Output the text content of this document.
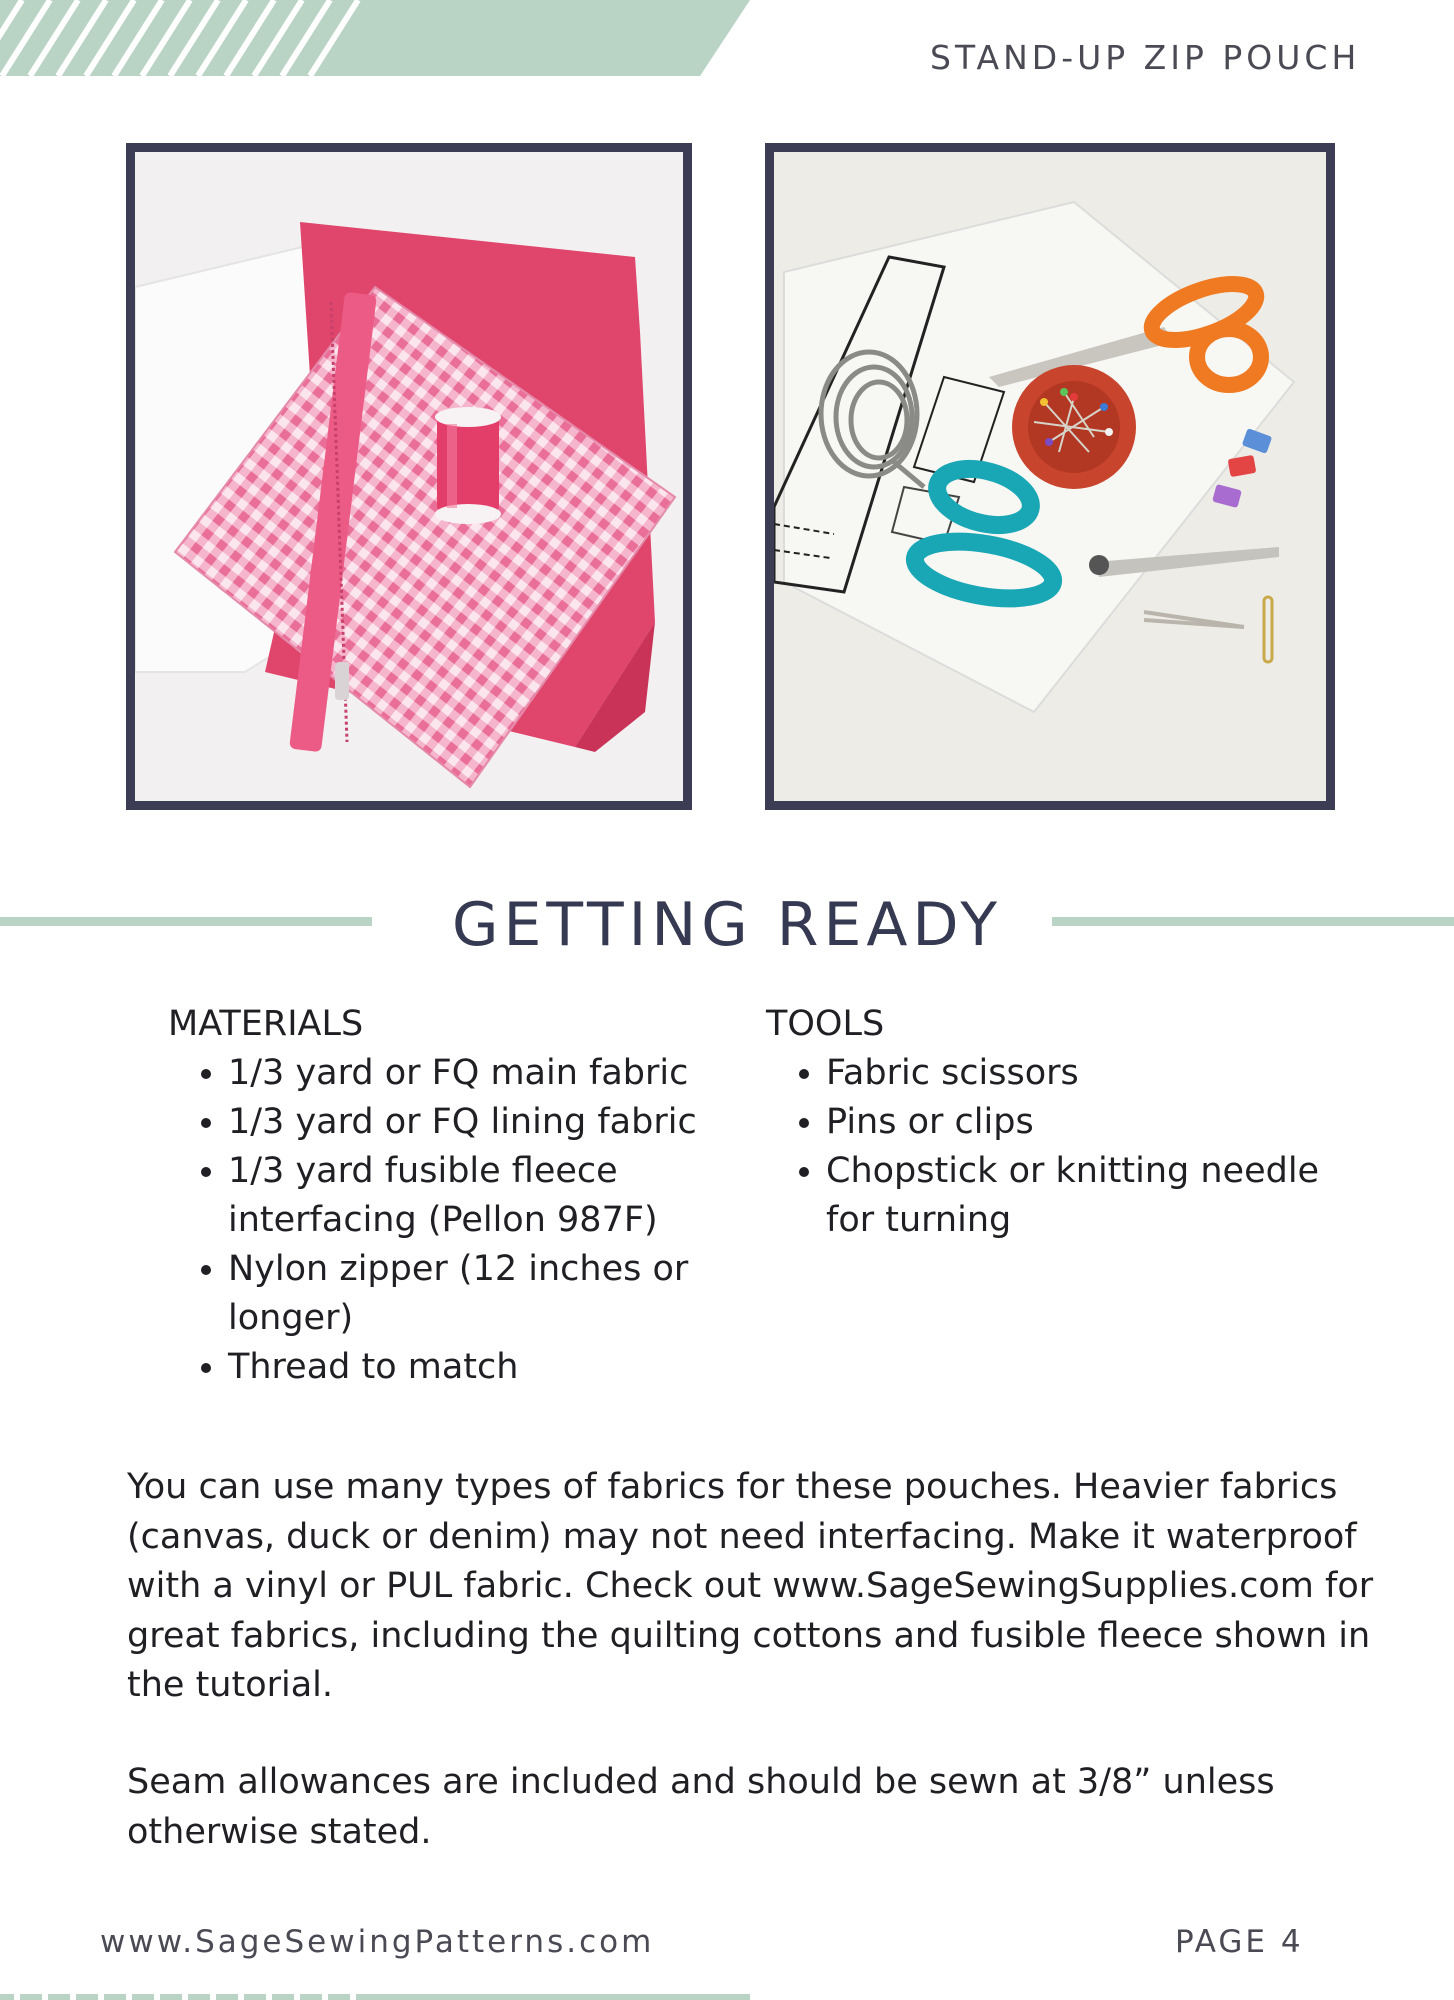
STAND-UP ZIP POUCH
GETTING READY

MATERIALS

• 1/3 yard or FQ main fabric
• 1/3 yard or FQ lining fabric
• 1/3 yard fusible fleece interfacing (Pellon 987F)
• Nylon zipper (12 inches or longer)
• Thread to match

TOOLS

• Fabric scissors
• Pins or clips
• Chopstick or knitting needle for turning

You can use many types of fabrics for these pouches. Heavier fabrics (canvas, duck or denim) may not need interfacing. Make it waterproof with a vinyl or PUL fabric. Check out www.SageSewingSupplies.com for great fabrics, including the quilting cottons and fusible fleece shown in the tutorial.

Seam allowances are included and should be sewn at 3/8” unless otherwise stated.

www.SageSewingPatterns.com	PAGE 4
